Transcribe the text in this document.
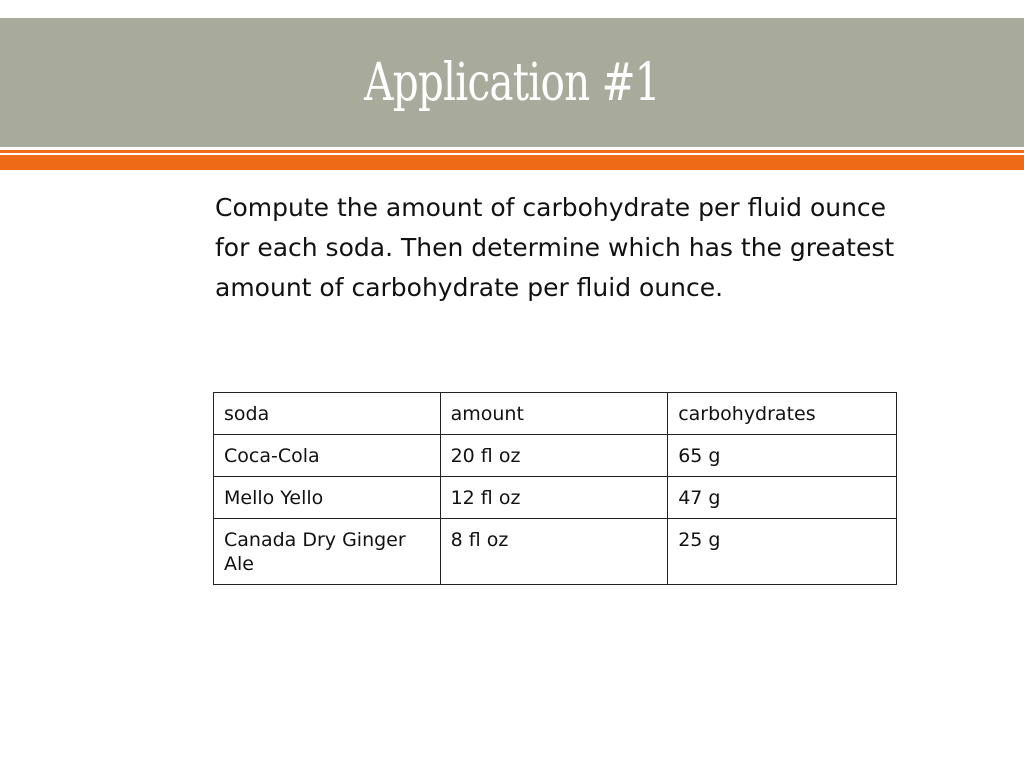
Application #1
Compute the amount of carbohydrate per fluid ounce for each soda. Then determine which has the greatest amount of carbohydrate per fluid ounce.
soda	amount	carbohydrates
Coca-Cola	20 fl oz	65 g
Mello Yello	12 fl oz	47 g
Canada Dry Ginger Ale	8 fl oz	25 g
